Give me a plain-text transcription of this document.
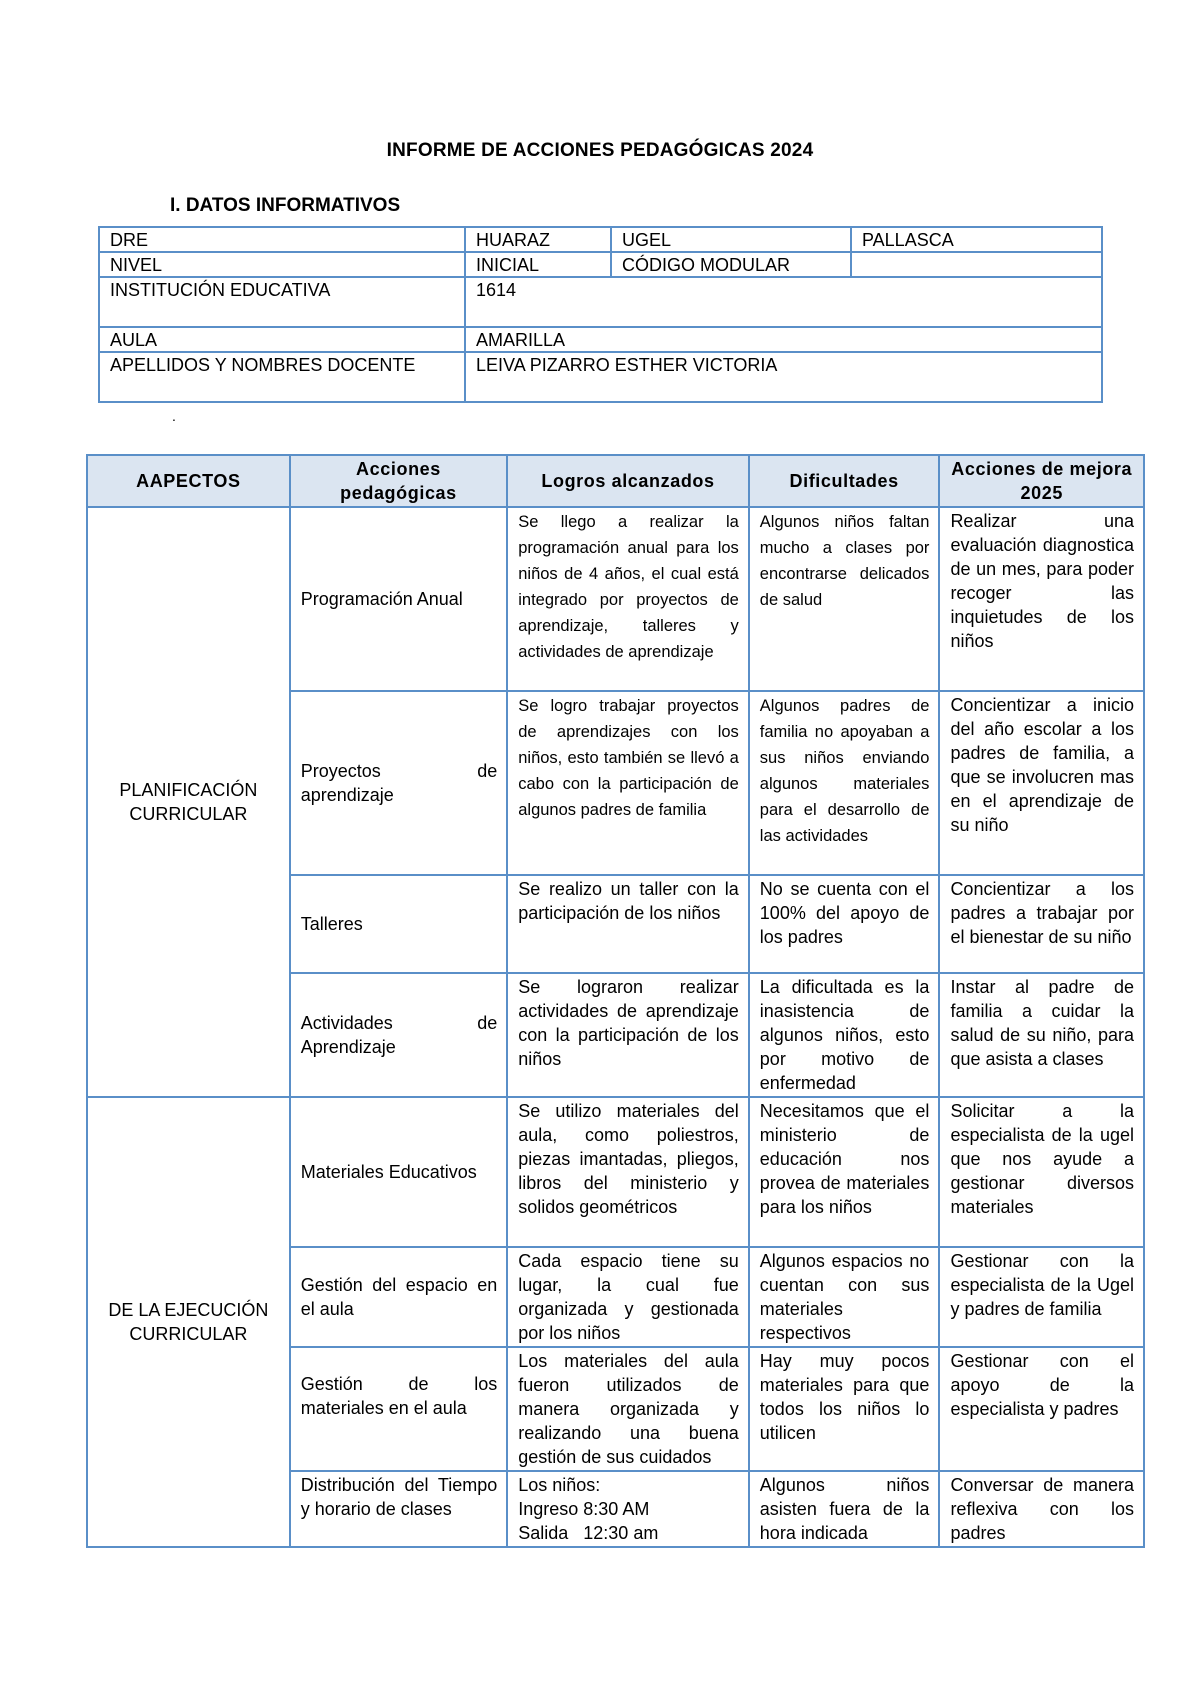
INFORME DE ACCIONES PEDAGÓGICAS 2024
I. DATOS INFORMATIVOS
DRE	HUARAZ	UGEL	PALLASCA
NIVEL	INICIAL	CÓDIGO MODULAR	
INSTITUCIÓN EDUCATIVA	1614		
AULA	AMARILLA		
APELLIDOS Y NOMBRES DOCENTE	LEIVA PIZARRO ESTHER VICTORIA		
.
AAPECTOS	Acciones pedagógicas	Logros alcanzados	Dificultades	Acciones de mejora 2025
PLANIFICACIÓN CURRICULAR	Programación Anual	Se llego a realizar la programación anual para los niños de 4 años, el cual está integrado por proyectos de aprendizaje, talleres y actividades de aprendizaje	Algunos niños faltan mucho a clases por encontrarse delicados de salud	Realizar una evaluación diagnostica de un mes, para poder recoger las inquietudes de los niños
	Proyectos de aprendizaje	Se logro trabajar proyectos de aprendizajes con los niños, esto también se llevó a cabo con la participación de algunos padres de familia	Algunos padres de familia no apoyaban a sus niños enviando algunos materiales para el desarrollo de las actividades	Concientizar a inicio del año escolar a los padres de familia, a que se involucren mas en el aprendizaje de su niño
	Talleres	Se realizo un taller con la participación de los niños	No se cuenta con el 100% del apoyo de los padres	Concientizar a los padres a trabajar por el bienestar de su niño
	Actividades de Aprendizaje	Se lograron realizar actividades de aprendizaje con la participación de los niños	La dificultada es la inasistencia de algunos niños, esto por motivo de enfermedad	Instar al padre de familia a cuidar la salud de su niño, para que asista a clases
DE LA EJECUCIÓN CURRICULAR	Materiales Educativos	Se utilizo materiales del aula, como poliestros, piezas imantadas, pliegos, libros del ministerio y solidos geométricos	Necesitamos que el ministerio de educación nos provea de materiales para los niños	Solicitar a la especialista de la ugel que nos ayude a gestionar diversos materiales
	Gestión del espacio en el aula	Cada espacio tiene su lugar, la cual fue organizada y gestionada por los niños	Algunos espacios no cuentan con sus materiales respectivos	Gestionar con la especialista de la Ugel y padres de familia
	Gestión de los materiales en el aula	Los materiales del aula fueron utilizados de manera organizada y realizando una buena gestión de sus cuidados	Hay muy pocos materiales para que todos los niños lo utilicen	Gestionar con el apoyo de la especialista y padres
	Distribución del Tiempo y horario de clases	Los niños:
Ingreso 8:30 AM
Salida   12:30 am	Algunos niños asisten fuera de la hora indicada	Conversar de manera reflexiva con los padres
